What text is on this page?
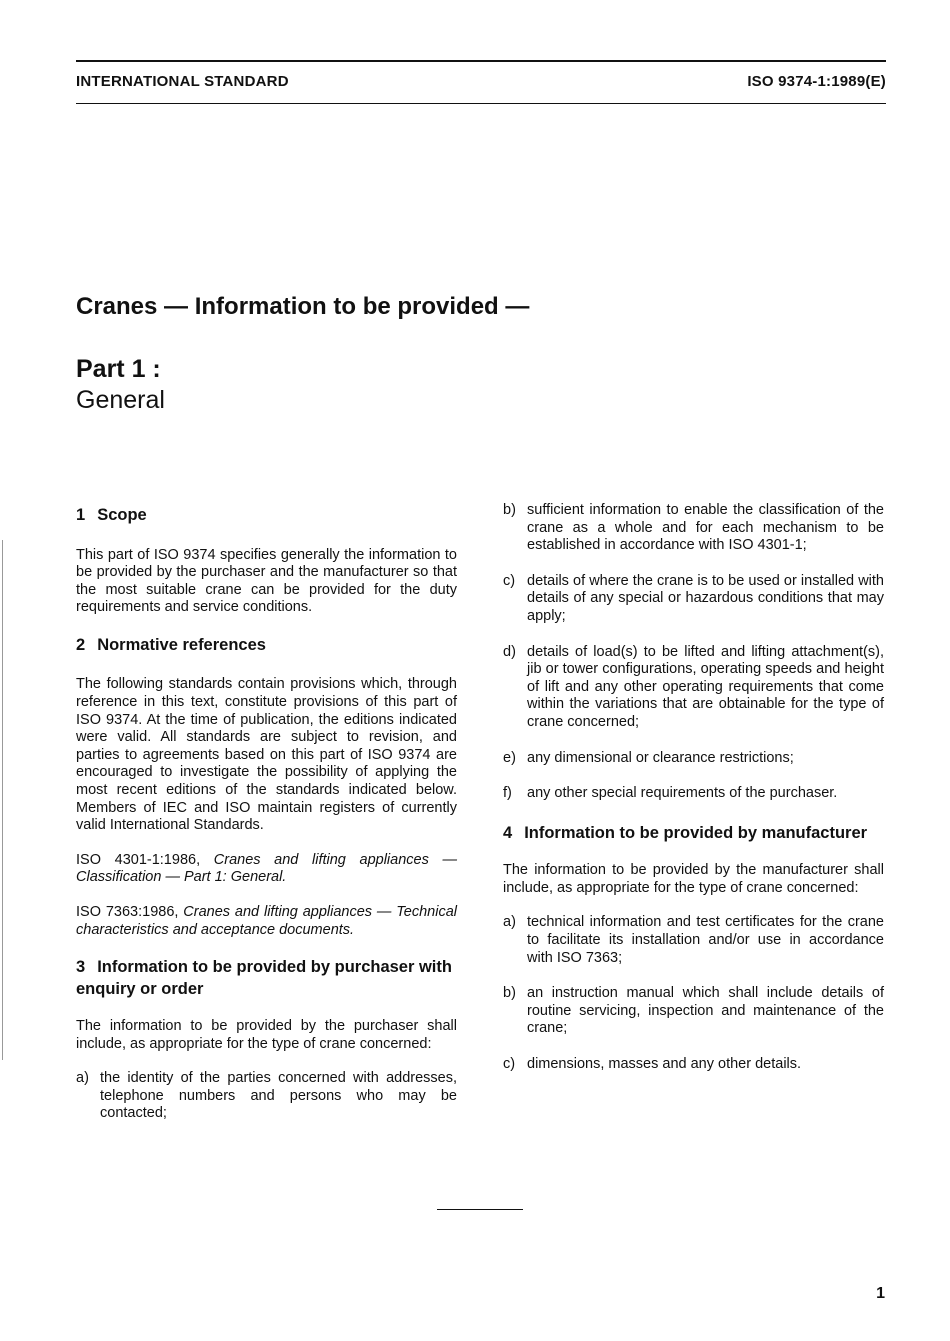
INTERNATIONAL STANDARD	ISO 9374-1:1989(E)
Cranes — Information to be provided —
Part 1 :
General
1 Scope

This part of ISO 9374 specifies generally the information to be provided by the purchaser and the manufacturer so that the most suitable crane can be provided for the duty requirements and service conditions.

2 Normative references

The following standards contain provisions which, through reference in this text, constitute provisions of this part of ISO 9374. At the time of publication, the editions indicated were valid. All standards are subject to revision, and parties to agreements based on this part of ISO 9374 are encouraged to investigate the possibility of applying the most recent editions of the standards indicated below. Members of IEC and ISO maintain registers of currently valid International Standards.

ISO 4301-1:1986, Cranes and lifting appliances — Classification — Part 1: General.

ISO 7363:1986, Cranes and lifting appliances — Technical characteristics and acceptance documents.

3 Information to be provided by purchaser with enquiry or order

The information to be provided by the purchaser shall include, as appropriate for the type of crane concerned:

a) the identity of the parties concerned with addresses, telephone numbers and persons who may be contacted;
b) sufficient information to enable the classification of the crane as a whole and for each mechanism to be established in accordance with ISO 4301-1;
c) details of where the crane is to be used or installed with details of any special or hazardous conditions that may apply;
d) details of load(s) to be lifted and lifting attachment(s), jib or tower configurations, operating speeds and height of lift and any other operating requirements that come within the variations that are obtainable for the type of crane concerned;
e) any dimensional or clearance restrictions;
f)	any other special requirements of the purchaser.
4 Information to be provided by manufacturer

The information to be provided by the manufacturer shall include, as appropriate for the type of crane concerned:

a) technical information and test certificates for the crane to facilitate its installation and/or use in accordance with ISO 7363;
b) an instruction manual which shall include details of routine servicing, inspection and maintenance of the crane;
c) dimensions, masses and any other details.
1
